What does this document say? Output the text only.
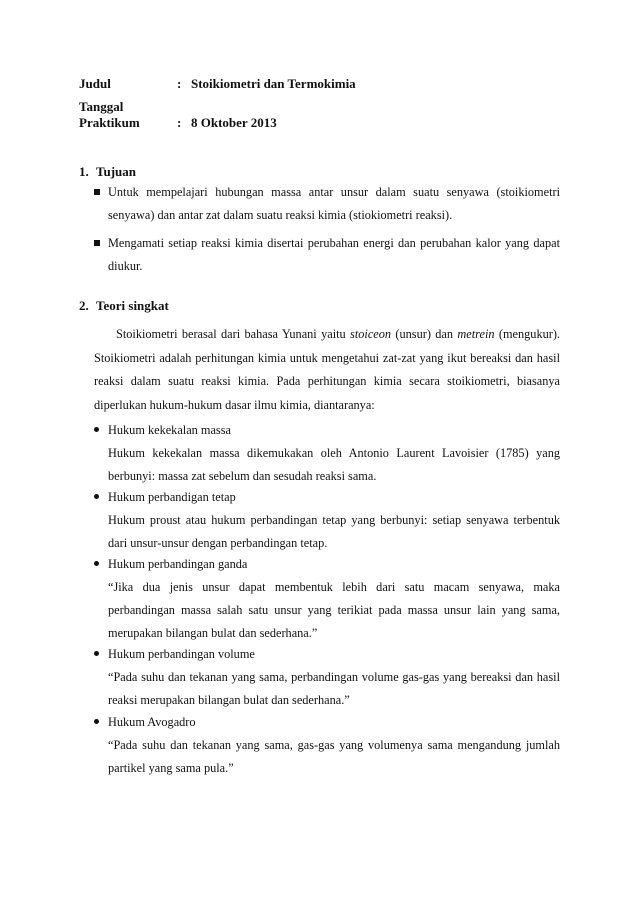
Judul	: Stoikiometri dan Termokimia
Tanggal Praktikum	: 8 Oktober 2013
1. Tujuan
Untuk mempelajari hubungan massa antar unsur dalam suatu senyawa (stoikiometri senyawa) dan antar zat dalam suatu reaksi kimia (stiokiometri reaksi).
Mengamati setiap reaksi kimia disertai perubahan energi dan perubahan kalor yang dapat diukur.
2. Teori singkat
Stoikiometri berasal dari bahasa Yunani yaitu stoiceon (unsur) dan metrein (mengukur). Stoikiometri adalah perhitungan kimia untuk mengetahui zat-zat yang ikut bereaksi dan hasil reaksi dalam suatu reaksi kimia. Pada perhitungan kimia secara stoikiometri, biasanya diperlukan hukum-hukum dasar ilmu kimia, diantaranya:
Hukum kekekalan massa
Hukum kekekalan massa dikemukakan oleh Antonio Laurent Lavoisier (1785) yang berbunyi: massa zat sebelum dan sesudah reaksi sama.
Hukum perbandigan tetap
Hukum proust atau hukum perbandingan tetap yang berbunyi: setiap senyawa terbentuk dari unsur-unsur dengan perbandingan tetap.
Hukum perbandingan ganda
“Jika dua jenis unsur dapat membentuk lebih dari satu macam senyawa, maka perbandingan massa salah satu unsur yang terikiat pada massa unsur lain yang sama, merupakan bilangan bulat dan sederhana.”
Hukum perbandingan volume
“Pada suhu dan tekanan yang sama, perbandingan volume gas-gas yang bereaksi dan hasil reaksi merupakan bilangan bulat dan sederhana.”
Hukum Avogadro
“Pada suhu dan tekanan yang sama, gas-gas yang volumenya sama mengandung jumlah partikel yang sama pula.”
